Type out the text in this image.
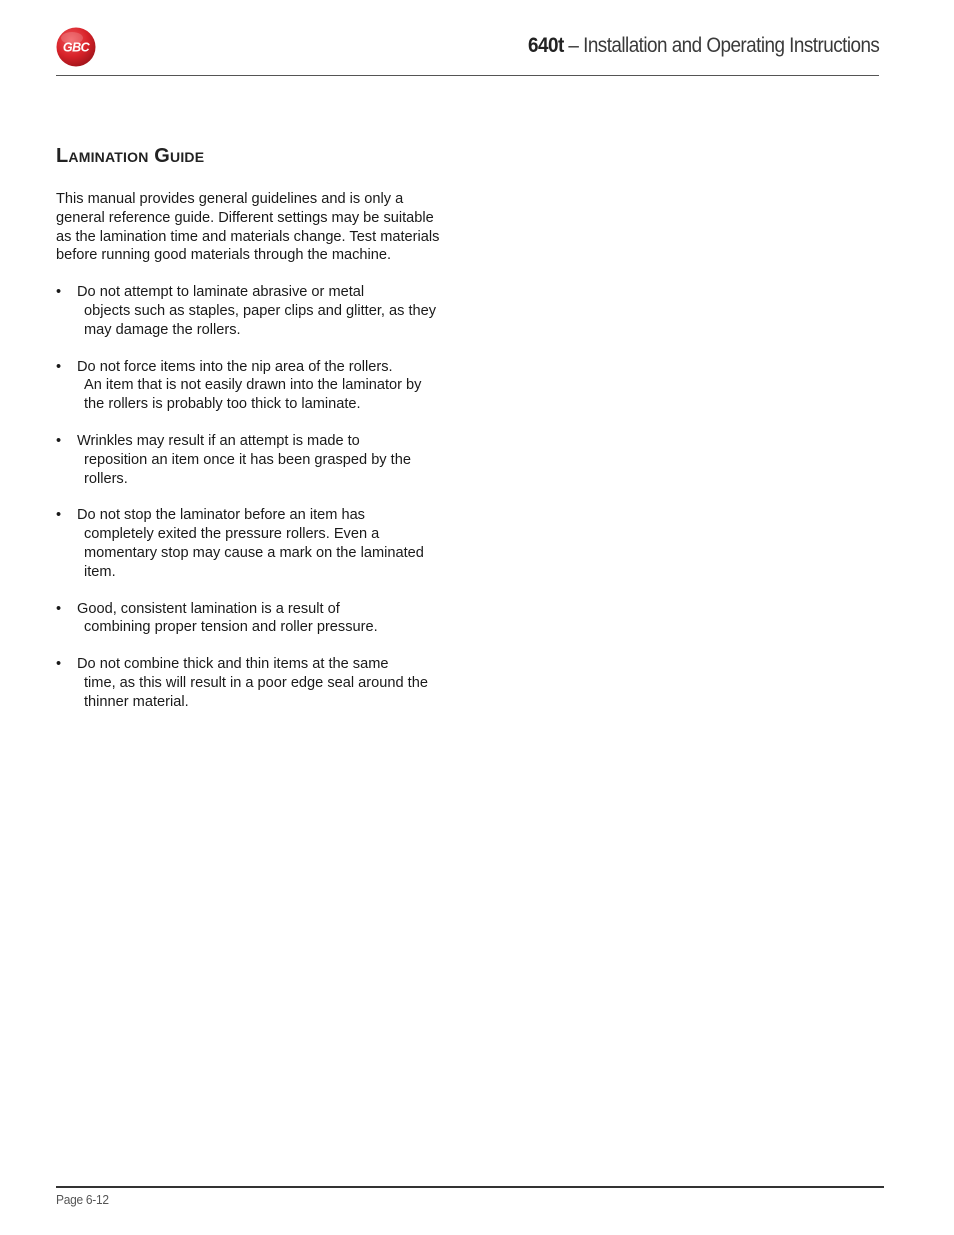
GBC	640t – Installation and Operating Instructions
Lamination Guide

This manual provides general guidelines and is only a general reference guide. Different settings may be suitable as the lamination time and materials change. Test materials before running good materials through the machine.

• Do not attempt to laminate abrasive or metal
objects such as staples, paper clips and glitter, as they may damage the rollers.
• Do not force items into the nip area of the rollers.
An item that is not easily drawn into the laminator by the rollers is probably too thick to laminate.
• Wrinkles may result if an attempt is made to
reposition an item once it has been grasped by the rollers.
• Do not stop the laminator before an item has
completely exited the pressure rollers. Even a momentary stop may cause a mark on the laminated item.
• Good, consistent lamination is a result of
combining proper tension and roller pressure.
• Do not combine thick and thin items at the same
time, as this will result in a poor edge seal around the thinner material.
Page 6-12
